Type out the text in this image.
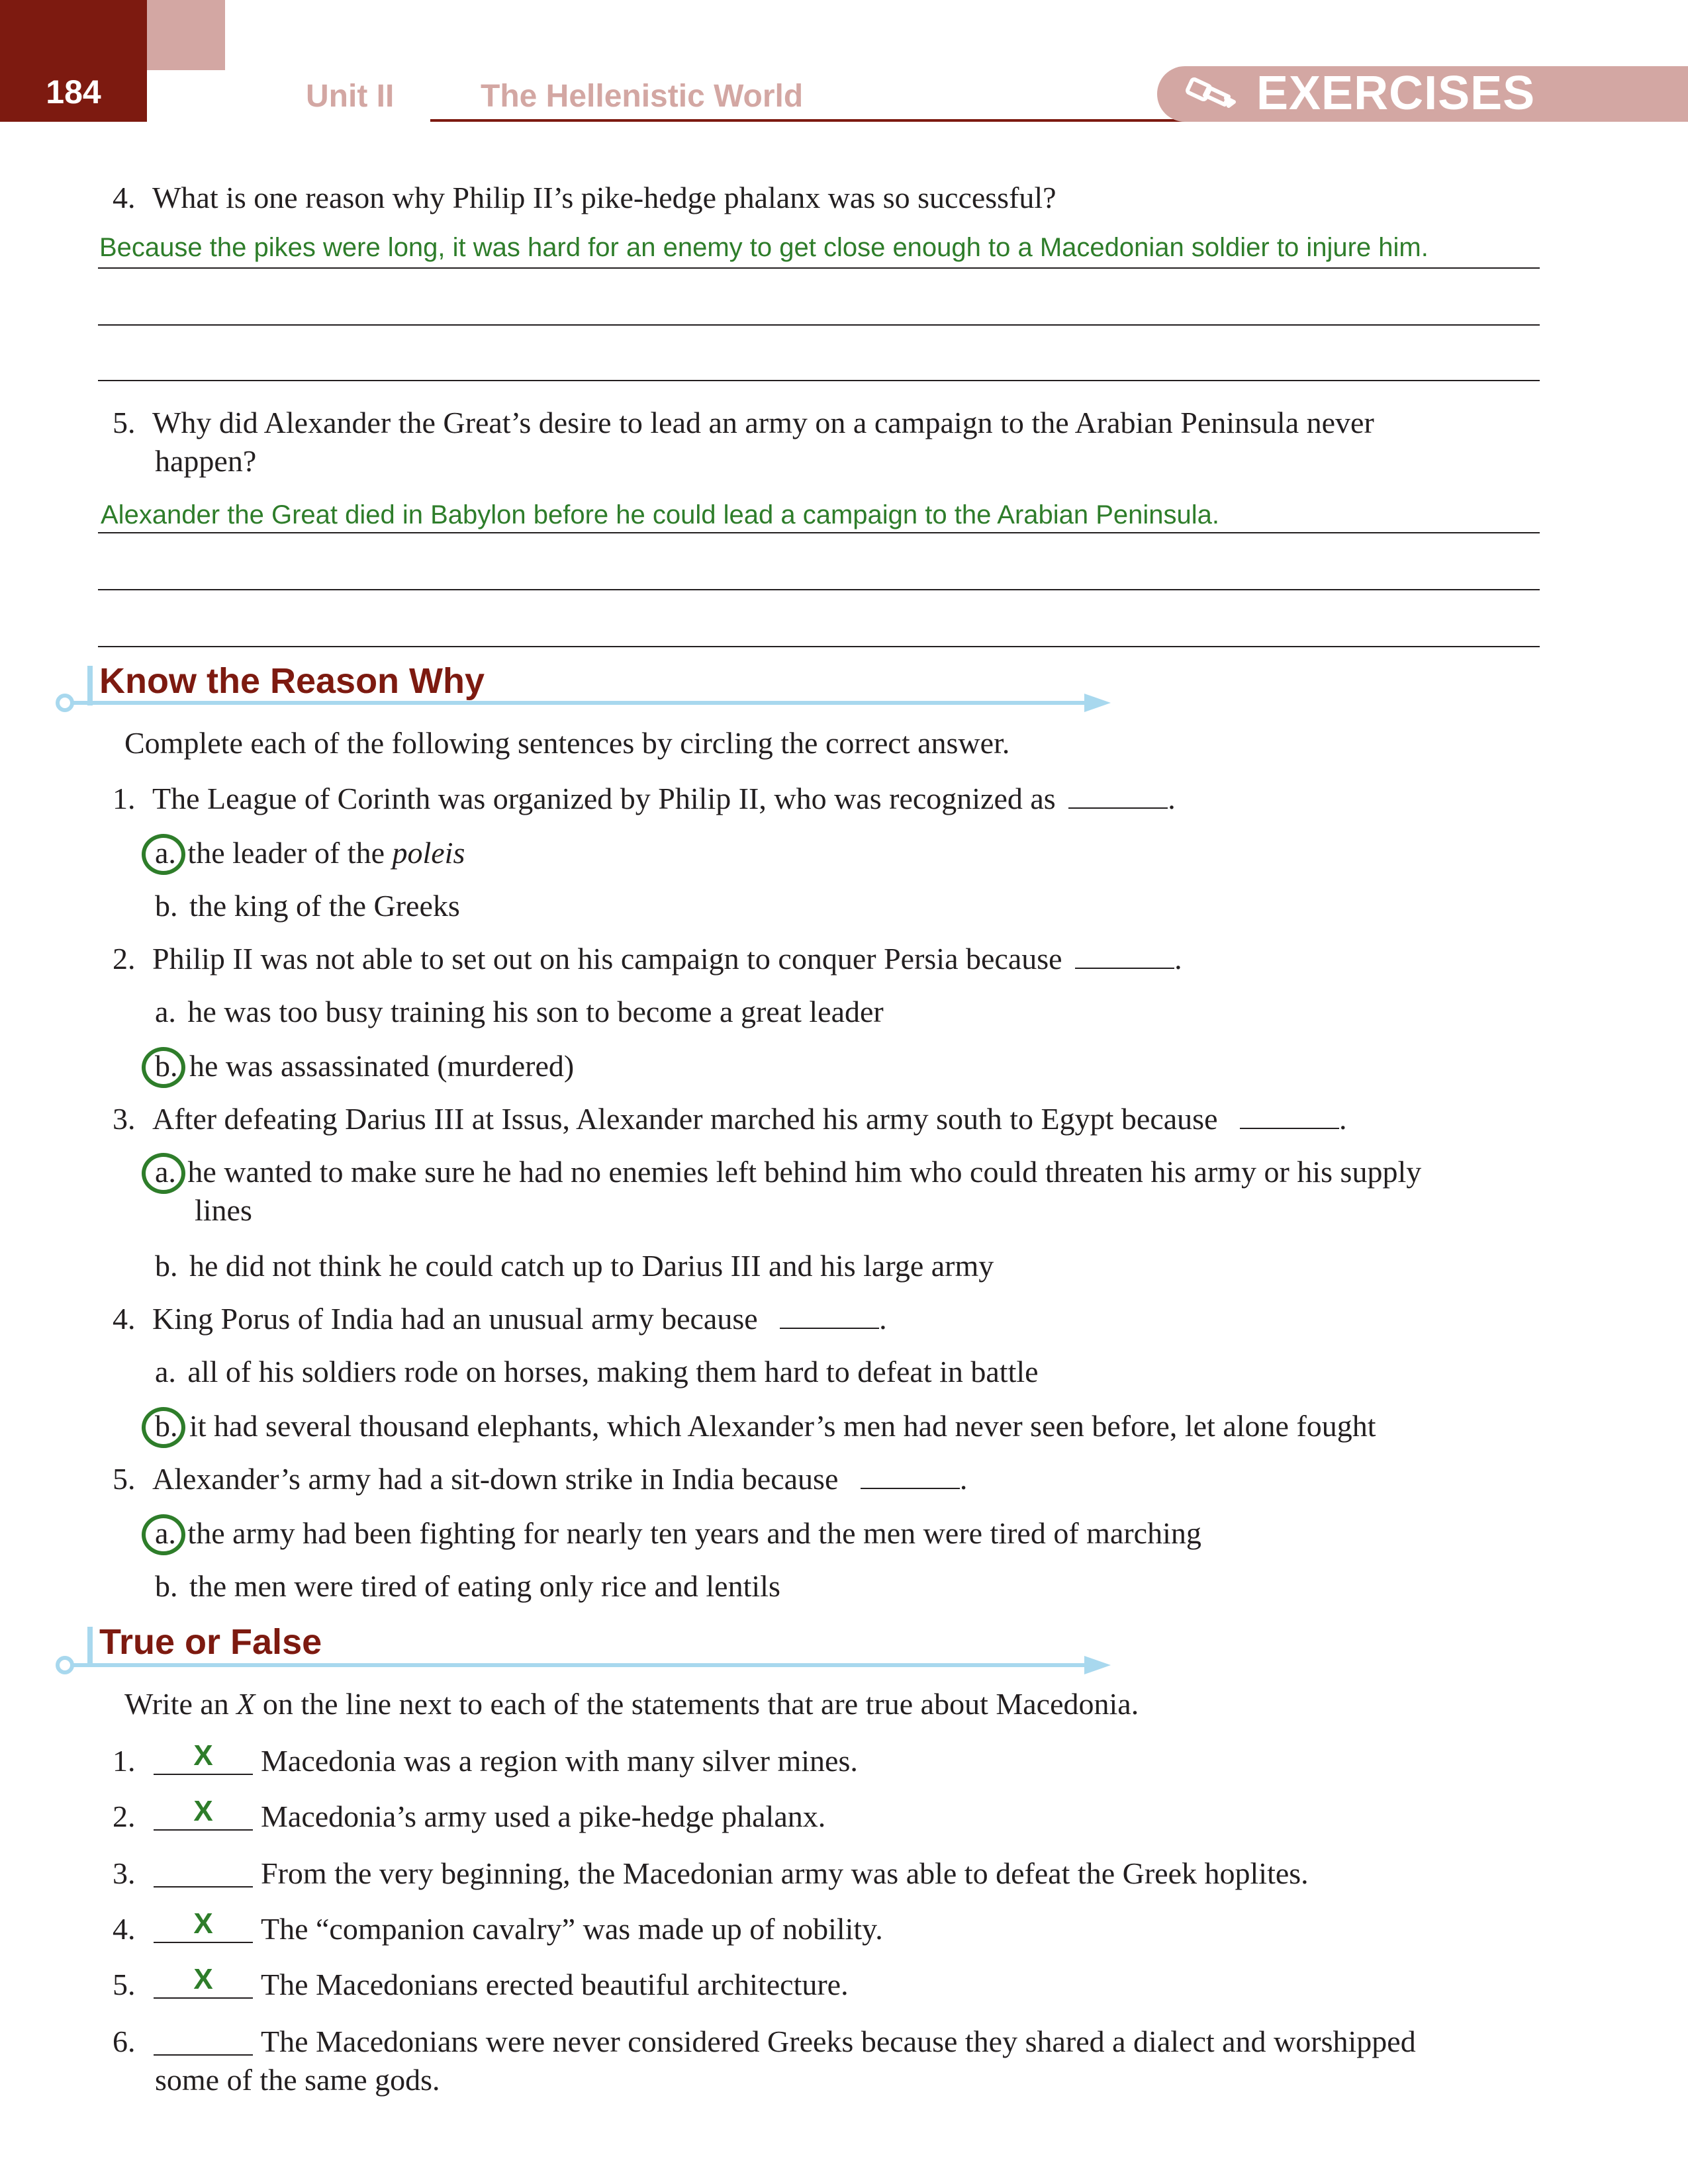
184	Unit II	The Hellenistic World	EXERCISES
4. What is one reason why Philip II’s pike-hedge phalanx was so successful?
Because the pikes were long, it was hard for an enemy to get close enough to a Macedonian soldier to injure him.
5. Why did Alexander the Great’s desire to lead an army on a campaign to the Arabian Peninsula never
happen?
Alexander the Great died in Babylon before he could lead a campaign to the Arabian Peninsula.
Know the Reason Why
Complete each of the following sentences by circling the correct answer.
1. The League of Corinth was organized by Philip II, who was recognized as	.
a. the leader of the poleis
b. the king of the Greeks
2. Philip II was not able to set out on his campaign to conquer Persia because	.
a. he was too busy training his son to become a great leader
b. he was assassinated (murdered)
3. After defeating Darius III at Issus, Alexander marched his army south to Egypt because	.
a. he wanted to make sure he had no enemies left behind him who could threaten his army or his supply
lines
b. he did not think he could catch up to Darius III and his large army
4. King Porus of India had an unusual army because	.
a. all of his soldiers rode on horses, making them hard to defeat in battle
b. it had several thousand elephants, which Alexander’s men had never seen before, let alone fought
5. Alexander’s army had a sit-down strike in India because	.
a. the army had been fighting for nearly ten years and the men were tired of marching
b. the men were tired of eating only rice and lentils
True or False
Write an X on the line next to each of the statements that are true about Macedonia.
1.	X	Macedonia was a region with many silver mines.
2.	X	Macedonia’s army used a pike-hedge phalanx.
3.	From the very beginning, the Macedonian army was able to defeat the Greek hoplites.
4.	X	The “companion cavalry” was made up of nobility.
5.	X	The Macedonians erected beautiful architecture.
6.	The Macedonians were never considered Greeks because they shared a dialect and worshipped
some of the same gods.
